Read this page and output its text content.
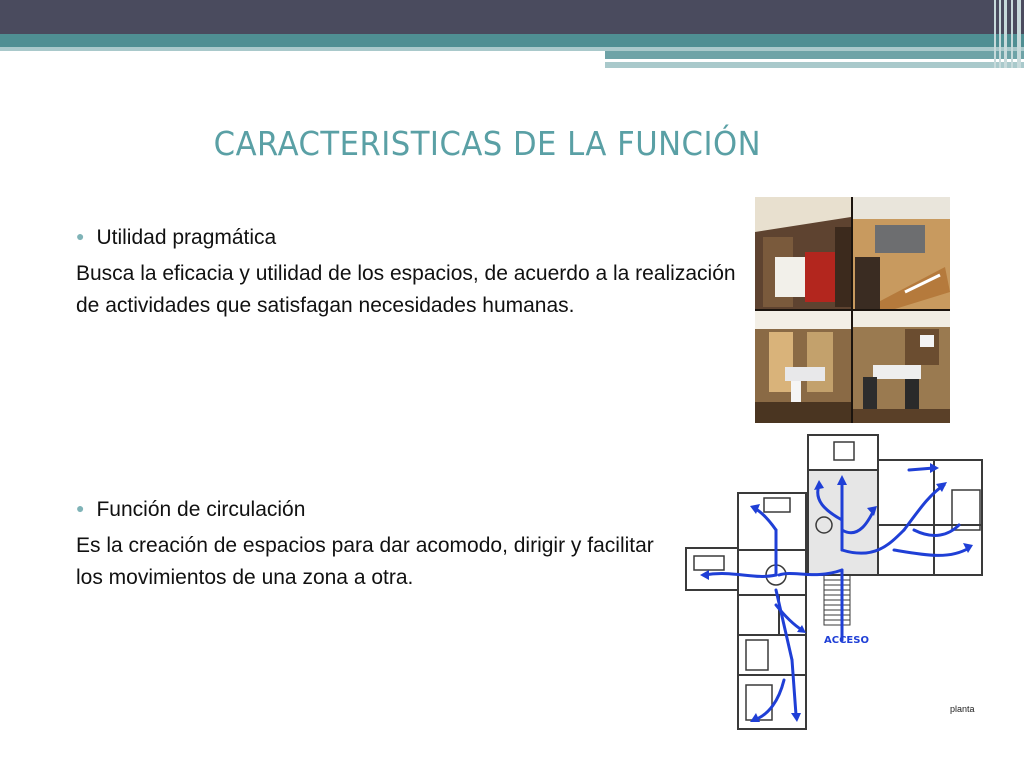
CARACTERISTICAS DE LA FUNCIÓN
● Utilidad pragmática
Busca la eficacia y utilidad de los espacios, de acuerdo a la realización de actividades que satisfagan necesidades humanas.
● Función de circulación
Es la creación de espacios para dar acomodo, dirigir y facilitar los movimientos de una zona a otra.
ACCESO
planta
